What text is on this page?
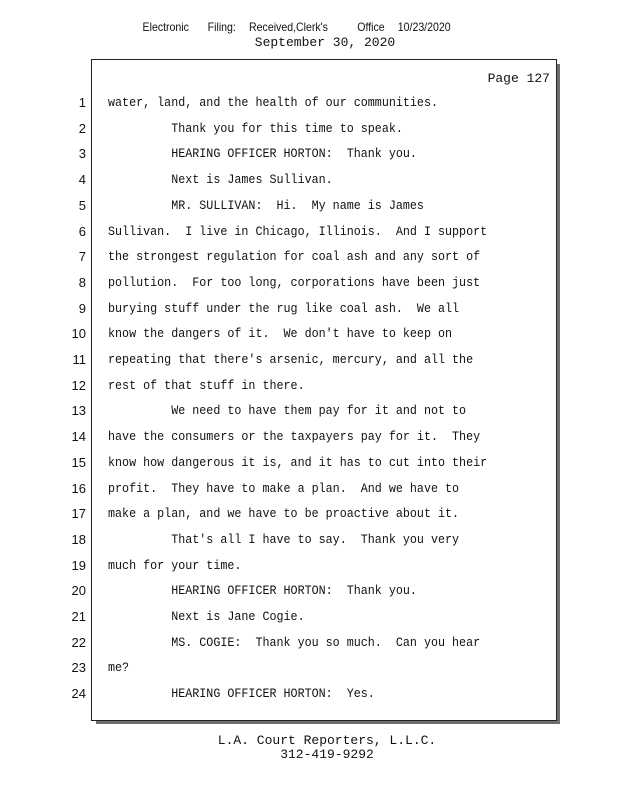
Electronic Filing: Received,Clerk's Office 10/23/2020
September 30, 2020
Page 127
1 water, land, and the health of our communities.
2 Thank you for this time to speak.
3 HEARING OFFICER HORTON:  Thank you.
4 Next is James Sullivan.
5 MR. SULLIVAN:  Hi.  My name is James
6 Sullivan.  I live in Chicago, Illinois.  And I support
7 the strongest regulation for coal ash and any sort of
8 pollution.  For too long, corporations have been just
9 burying stuff under the rug like coal ash.  We all
10 know the dangers of it.  We don't have to keep on
11 repeating that there's arsenic, mercury, and all the
12 rest of that stuff in there.
13 We need to have them pay for it and not to
14 have the consumers or the taxpayers pay for it.  They
15 know how dangerous it is, and it has to cut into their
16 profit.  They have to make a plan.  And we have to
17 make a plan, and we have to be proactive about it.
18 That's all I have to say.  Thank you very
19 much for your time.
20 HEARING OFFICER HORTON:  Thank you.
21 Next is Jane Cogie.
22 MS. COGIE:  Thank you so much.  Can you hear
23 me?
24 HEARING OFFICER HORTON:  Yes.
L.A. Court Reporters, L.L.C.
312-419-9292
